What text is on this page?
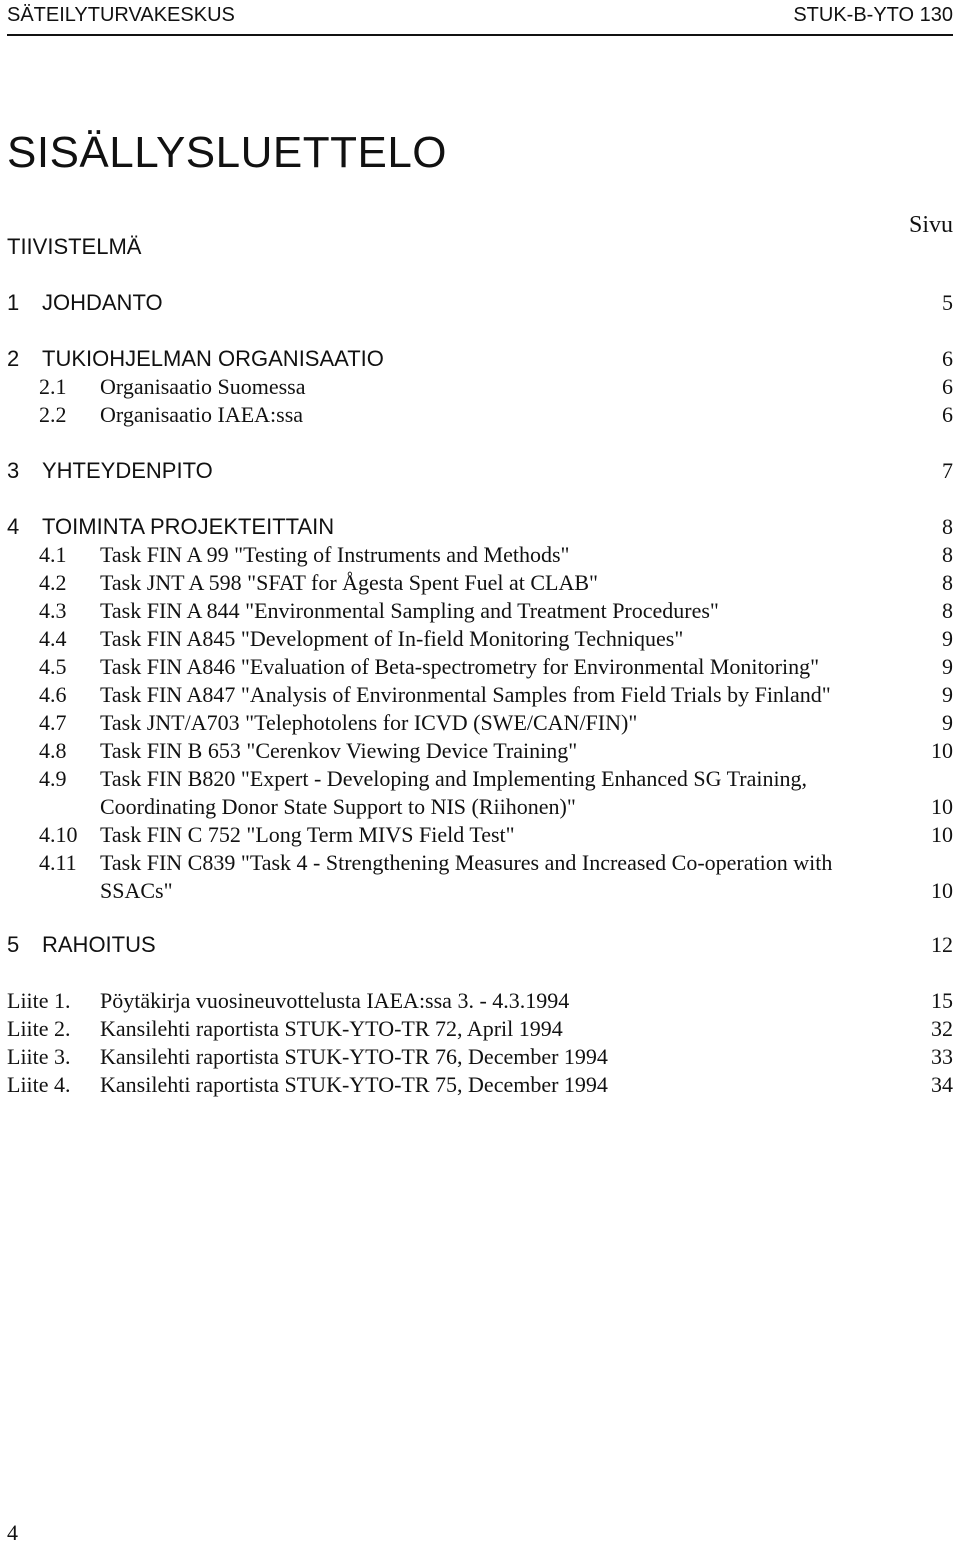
SÄTEILYTURVAKESKUS	STUK-B-YTO 130
SISÄLLYSLUETTELO
Sivu
TIIVISTELMÄ
1 JOHDANTO	5
2 TUKIOHJELMAN ORGANISAATIO	6
2.1 Organisaatio Suomessa	6
2.2 Organisaatio IAEA:ssa	6
3 YHTEYDENPITO	7
4 TOIMINTA PROJEKTEITTAIN	8
4.1 Task FIN A 99 "Testing of Instruments and Methods"	8
4.2 Task JNT A 598 "SFAT for Ågesta Spent Fuel at CLAB"	8
4.3 Task FIN A 844 "Environmental Sampling and Treatment Procedures"	8
4.4 Task FIN A845 "Development of In-field Monitoring Techniques"	9
4.5 Task FIN A846 "Evaluation of Beta-spectrometry for Environmental Monitoring"	9
4.6 Task FIN A847 "Analysis of Environmental Samples from Field Trials by Finland"	9
4.7 Task JNT/A703 "Telephotolens for ICVD (SWE/CAN/FIN)"	9
4.8 Task FIN B 653 "Cerenkov Viewing Device Training"	10
4.9 Task FIN B820 "Expert - Developing and Implementing Enhanced SG Training,
Coordinating Donor State Support to NIS (Riihonen)"	10
4.10 Task FIN C 752 "Long Term MIVS Field Test"	10
4.11 Task FIN C839 "Task 4 - Strengthening Measures and Increased Co-operation with
SSACs"	10
5 RAHOITUS	12
Liite 1. Pöytäkirja vuosineuvottelusta IAEA:ssa 3. - 4.3.1994	15
Liite 2. Kansilehti raportista STUK-YTO-TR 72, April 1994	32
Liite 3. Kansilehti raportista STUK-YTO-TR 76, December 1994	33
Liite 4. Kansilehti raportista STUK-YTO-TR 75, December 1994	34
4
